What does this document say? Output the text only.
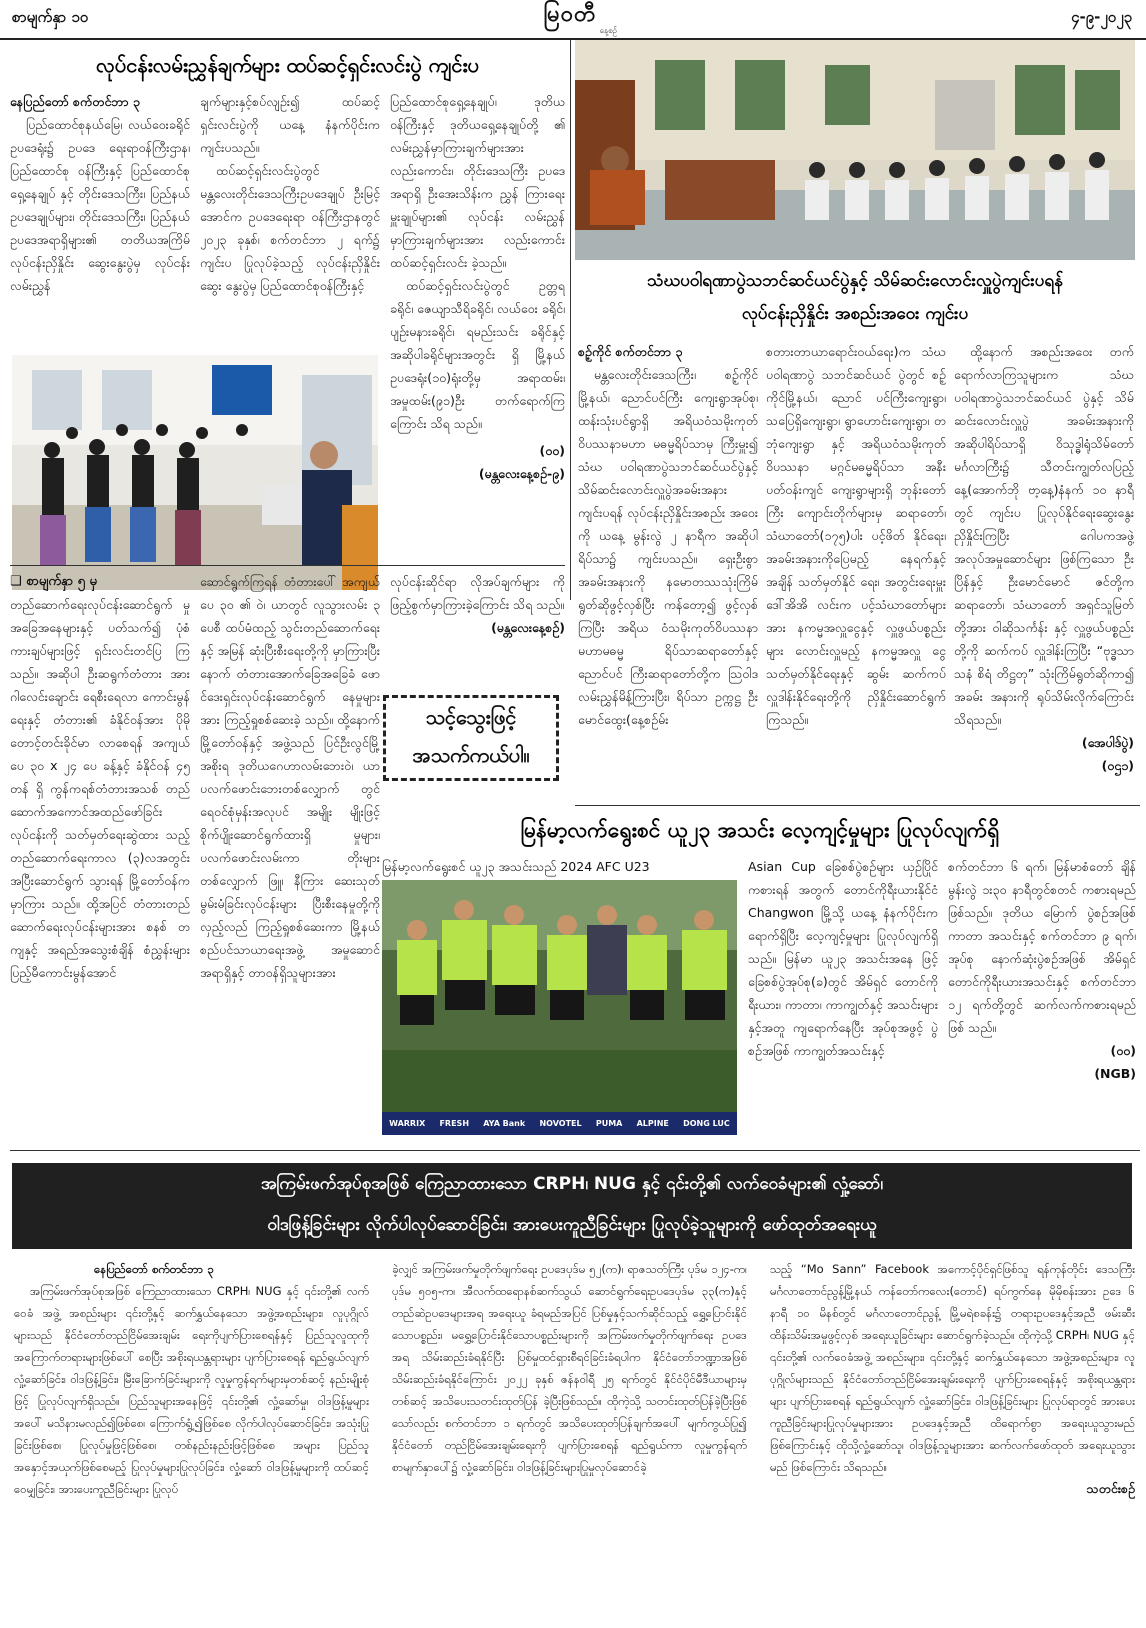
စာမျက်နှာ ၁၀	မြဝတီ
နေ့စဉ်
၄-၉-၂၀၂၃
လုပ်ငန်းလမ်းညွှန်ချက်များ ထပ်ဆင့်ရှင်းလင်းပွဲ ကျင်းပ

နေပြည်တော် စက်တင်ဘာ ၃

ပြည်ထောင်စုနယ်မြေ၊ လယ်ဝေးခရိုင် ဥပဒေရုံး၌ ဥပဒေ ရေးရာဝန်ကြီးဌာန၊ ပြည်ထောင်စု ဝန်ကြီးနှင့် ပြည်ထောင်စုရှေ့နေချုပ် နှင့် တိုင်းဒေသကြီး၊ ပြည်နယ် ဥပဒေချုပ်များ၊ တိုင်းဒေသကြီး၊ ပြည်နယ်ဥပဒေအရာရှိများ၏ တတိယအကြိမ် လုပ်ငန်းညှိနှိုင်း ဆွေးနွေးပွဲမှ လုပ်ငန်းလမ်းညွှန်

ချက်များနှင့်စပ်လျဉ်း၍ ထပ်ဆင့် ရှင်းလင်းပွဲကို ယနေ့ နံနက်ပိုင်းက ကျင်းပသည်။

ထပ်ဆင့်ရှင်းလင်းပွဲတွင် မန္တလေးတိုင်းဒေသကြီးဥပဒေချုပ် ဦးမြင့်အောင်က ဥပဒေရေးရာ ဝန်ကြီးဌာနတွင် ၂၀၂၃ ခုနှစ်၊ စက်တင်ဘာ ၂ ရက်၌ ကျင်းပ ပြုလုပ်ခဲ့သည့် လုပ်ငန်းညှိနှိုင်းဆွေး နွေးပွဲမှ ပြည်ထောင်စုဝန်ကြီးနှင့်

ပြည်ထောင်စုရှေ့နေချုပ်၊ ဒုတိယ ဝန်ကြီးနှင့် ဒုတိယရှေ့နေချုပ်တို့ ၏ လမ်းညွှန်မှာကြားချက်များအား လည်းကောင်း၊ တိုင်းဒေသကြီး ဥပဒေအရာရှိ ဦးအေးသိန်းက ညွှန် ကြားရေးမှူးချုပ်များ၏ လုပ်ငန်း လမ်းညွှန်မှာကြားချက်များအား လည်းကောင်း ထပ်ဆင့်ရှင်းလင်း ခဲ့သည်။

ထပ်ဆင့်ရှင်းလင်းပွဲတွင် ဥတ္တရ ခရိုင်၊ ဇေယျာသီရိခရိုင်၊ လယ်ဝေး ခရိုင်၊ ပျဉ်းမနားခရိုင်၊ ရမည်းသင်း ခရိုင်နှင့် အဆိုပါခရိုင်များအတွင်း ရှိ မြို့နယ်ဥပဒေရုံး(၁၀)ရုံးတို့မှ အရာထမ်း၊ အမှုထမ်း(၉၁)ဦး တက်ရောက်ကြကြောင်း သိရ သည်။

(ဝဝ)
(မန္တလေးနေ့စဉ်-၉)

❑ စာမျက်နှာ ၅ မှ

တည်ဆောက်ရေးလုပ်ငန်းဆောင်ရွက် မှု အခြေအနေများနှင့် ပတ်သက်၍ ပုံစံကားချပ်များဖြင့် ရှင်းလင်းတင်ပြ ကြသည်။ အဆိုပါ ဦးဆရွက်တံတား အား ဂါလေင်းချောင်း ရေစီးရေလာ ကောင်းမွန်ရေးနှင့် တံတား၏ ခံနိုင်ဝန်အား ပိုမိုတောင့်တင်းခိုင်မာ လာစေရန် အကျယ် ပေ ၃၀ x ၂၄ ပေ ခန့်နှင့် ခံနိုင်ဝန် ၄၅ တန် ရှိ ကွန်ကရစ်တံတားအသစ် တည် ဆောက်အကောင်အထည်ဖော်ခြင်း လုပ်ငန်းကို သတ်မှတ်ရေးဆွဲထား သည့် တည်ဆောက်ရေးကာလ (၃)လအတွင်း အပြီးဆောင်ရွက် သွားရန် မြို့တော်ဝန်က မှာကြား သည်။ ထို့အပြင် တံတားတည် ဆောက်ရေးလုပ်ငန်းများအား စနစ် တကျနှင့် အရည်အသွေးစံချိန် စံညွှန်းများ ပြည့်မီကောင်းမွန်အောင်

ဆောင်ရွက်ကြရန် တံတားပေါ် အကျယ် ပေ ၃၀ ၏ ဝဲ၊ ယာတွင် လူသွားလမ်း ၃ ပေစီ ထပ်မံထည့် သွင်းတည်ဆောက်ရေးနှင့် အမြန် ဆုံးပြီးစီးရေးတို့ကို မှာကြားပြီး နောက် တံတားအောက်ခြေအခြေခံ ဖောင်ဒေးရှင်းလုပ်ငန်းဆောင်ရွက် နေမှုများအား ကြည့်ရှုစစ်ဆေးခဲ့ သည်။ ထို့နောက် မြို့တော်ဝန်နှင့် အဖွဲ့သည် ပြင်ဦးလွင်မြို့အစိုးရ ဒုတိယဂေဟာလမ်းဘေးဝဲ၊ ယာ ပလက်ဖောင်းဘေးတစ်လျှောက် တွင် ရေဝင်စုံမှန်းအလုပင် အမျိုး မျိုးဖြင့် စိုက်ပျိုးဆောင်ရွက်ထားရှိ မှုများ၊ ပလက်ဖောင်းလမ်းကာ တိုးများ တစ်လျှောက် ဖြူ၊ နီကြား ဆေးသုတ်မွမ်းမံခြင်းလုပ်ငန်းများ ပြီးစီးနေမှုတို့ကို လှည့်လည် ကြည့်ရှုစစ်ဆေးကာ မြို့နယ် စည်ပင်သာယာရေးအဖွဲ့ အမှုဆောင် အရာရှိနှင့် တာဝန်ရှိသူများအား

လုပ်ငန်းဆိုင်ရာ လိုအပ်ချက်များ ကို ဖြည့်စွက်မှာကြားခဲ့ကြောင်း သိရ သည်။

(မန္တလေးနေ့စဉ်)
သင့်သွေးဖြင့်
အသက်ကယ်ပါ။
သံဃပဝါရဏာပွဲသဘင်ဆင်ယင်ပွဲနှင့် သိမ်ဆင်းလောင်းလှူပွဲကျင်းပရန်
လုပ်ငန်းညှိနှိုင်း အစည်းအဝေး ကျင်းပ

စဉ့်ကိုင် စက်တင်ဘာ ၃

မန္တလေးတိုင်းဒေသကြီး၊ စဉ့်ကိုင်မြို့နယ်၊ ညောင်ပင်ကြီး ကျေးရွာအုပ်စု၊ ထန်းသုံးပင်ရွာရှိ အရိယဝံသမိုးကုတ်ဝိပဿနာမဟာ မဓမ္မရိပ်သာမှ ကြီးမှူး၍ သံဃ ပဝါရဏာပွဲသဘင်ဆင်ယင်ပွဲနှင့် သိမ်ဆင်းလောင်းလှူပွဲအခမ်းအနား ကျင်းပရန် လုပ်ငန်းညှိနှိုင်းအစည်း အဝေးကို ယနေ့ မွန်းလွဲ ၂ နာရီက အဆိုပါ ရိပ်သာ၌ ကျင်းပသည်။ ရှေးဦးစွာ အခမ်းအနားကို နမောတဿသုံးကြိမ်ရွတ်ဆိုဖွင့်လှစ်ပြီး ကန်တော့၍ ဖွင့်လှစ်ကြပြီး အရိယ ဝံသမိုးကုတ်ဝိပဿနာ မဟာမဓမ္မ ရိပ်သာဆရာတော်နှင့် ညောင်ပင် ကြီးဆရာတော်တို့က ဩဝါဒ လမ်းညွှန်မိန့်ကြားပြီး၊ ရိပ်သာ ဥက္ကဋ္ဌ ဦးမောင်ထွေး(နေ့စဉ်မ်း

စတားတာယာရောင်းဝယ်ရေး)က သံဃပဝါရဏာပွဲ သဘင်ဆင်ယင် ပွဲတွင် စဉ့်ကိုင်မြို့နယ်၊ ညောင် ပင်ကြီးကျေးရွာ၊ သပြေရှိကျေးရွာ၊ ရွာဟောင်းကျေးရွာ၊ တဘုံကျေးရွာ နှင့် အရိယဝံသမိုးကုတ်ဝိပဿနာ မဂ္ဂင်မဓမ္မရိပ်သာ အနီးပတ်ဝန်းကျင် ကျေးရွာများရှိ ဘုန်းတော်ကြီး ကျောင်းတိုက်များမှ ဆရာတော်၊ သံဃာတော်(၁၇၅)ပါး ပင့်ဖိတ် နိုင်ရေး၊ အခမ်းအနားကိုပြေမည့် နေရက်နှင့် အချိန် သတ်မှတ်နိုင် ရေး၊ အတွင်းရေးမှူး ဒေါ်အိအိ လင်းက ပင့်သံဃာတော်များအား နကမ္မအလှူငွေနှင့် လှူဖွယ်ပစ္စည်း များ လောင်းလှူမည့် နကမ္မအလှူ ငွေ သတ်မှတ်နိုင်ရေးနှင့် ဆွမ်း ဆက်ကပ်လှူဒါန်းနိုင်ရေးတို့ကို ညှိနှိုင်းဆောင်ရွက်ကြသည်။

ထို့နောက် အစည်းအဝေး တက်ရောက်လာကြသူများက သံဃပဝါရဏာပွဲသဘင်ဆင်ယင် ပွဲနှင့် သိမ်ဆင်းလောင်းလှူပွဲ အခမ်းအနားကို အဆိုပါရိပ်သာရှိ ဝိသုဒ္ဓါရုံသိမ်တော်မင်္ဂလာကြီး၌ သီတင်းကျွတ်လပြည့်နေ့(အောက်ဘို ဗာ့နေ့)နံနက် ၁၀ နာရီတွင် ကျင်းပ ပြုလုပ်နိုင်ရေးဆွေးနွေးညှိနှိုင်းကြပြီး ဂေါပကအဖွဲ့အလုပ်အမှုဆောင်များ ဖြစ်ကြသော ဦးပြိန်နှင့် ဦးမောင်မောင် ဇင်တို့က ဆရာတော်၊ သံဃာတော် အရှင်သူမြတ်တို့အား ဝါဆိုသင်္ကန်း နှင့် လှူဖွယ်ပစ္စည်းတို့ကို ဆက်ကပ် လှူဒါန်းကြပြီး “ဗုဒ္ဓသာသနံ စိရံ တိဋ္ဌတု” သုံးကြိမ်ရွတ်ဆိုကာ၍ အခမ်း အနားကို ရုပ်သိမ်းလိုက်ကြောင်း သိရသည်။

(အေပါဒ်ပွဲ)
(ဝဌ၁)
မြန်မာ့လက်ရွေးစင် ယူ၂၃ အသင်း လေ့ကျင့်မှုများ ပြုလုပ်လျက်ရှိ

မြန်မာ့လက်ရွေးစင် ယူ၂၃ အသင်းသည် 2024 AFC U23

WARRIX FRESH AYA Bank NOVOTEL PUMA ALPINE DONG LUC

Asian Cup ခြေစစ်ပွဲစဉ်များ ယှဉ်ပြိုင် ကစားရန် အတွက် တောင်ကိုရီးယားနိုင်ငံ Changwon မြို့သို့ ယနေ့ နံနက်ပိုင်းက ရောက်ရှိပြီး လေ့ကျင့်မှုများ ပြုလုပ်လျက်ရှိသည်။ မြန်မာ ယူ၂၃ အသင်းအနေ ဖြင့် ခြေစစ်ပွဲအုပ်စု(ခ)တွင် အိမ်ရှင် တောင်ကိုရီးယား၊ ကာတာ၊ ကာကျွတ်နှင့် အသင်းများနှင့်အတူ ကျရောက်နေပြီး အုပ်စုအဖွင့် ပွဲစဉ်အဖြစ် ကာကျွတ်အသင်းနှင့်

စက်တင်ဘာ ၆ ရက်၊ မြန်မာစံတော် ချိန် မွန်းလွဲ ၁း၃၀ နာရီတွင်စတင် ကစားရမည် ဖြစ်သည်။ ဒုတိယ မြောက် ပွဲစဉ်အဖြစ် ကာတာ အသင်းနှင့် စက်တင်ဘာ ၉ ရက်၊ အုပ်စု နောက်ဆုံးပွဲစဉ်အဖြစ် အိမ်ရှင် တောင်ကိုရီးယားအသင်းနှင့် စက်တင်ဘာ ၁၂ ရက်တို့တွင် ဆက်လက်ကစားရမည် ဖြစ် သည်။

(ဝဝ)
(NGB)
အကြမ်းဖက်အုပ်စုအဖြစ် ကြေညာထားသော CRPH၊ NUG နှင့် ၎င်းတို့၏ လက်ဝေခံများ၏ လှုံ့ဆော်၊
ဝါဒဖြန့်ခြင်းများ လိုက်ပါလုပ်ဆောင်ခြင်း၊ အားပေးကူညီခြင်းများ ပြုလုပ်ခဲ့သူများကို ဖော်ထုတ်အရေးယူ

နေပြည်တော် စက်တင်ဘာ ၃

အကြမ်းဖက်အုပ်စုအဖြစ် ကြေညာထားသော CRPH၊ NUG နှင့် ၎င်းတို့၏ လက်ဝေခံ အဖွဲ့ အစည်းများ ၎င်းတို့နှင့် ဆက်နွှယ်နေသော အဖွဲ့အစည်းများ၊ လူပုဂ္ဂိုလ်များသည် နိုင်ငံတော်တည်ငြိမ်အေးချမ်း ရေးကိုပျက်ပြားစေရန်နှင့် ပြည်သူလူထုကို အကြောက်တရားများဖြစ်ပေါ် စေပြီး အစိုးရယန္တရားများ ပျက်ပြားစေရန် ရည်ရွယ်လျက် လှုံ့ဆော်ခြင်း၊ ဝါဒဖြန့်ခြင်း၊ မြီးခြောက်ခြင်းများကို လူမှုကွန်ရက်များမှတစ်ဆင့် နည်းမျိုးစုံဖြင့် ပြုလုပ်လျက်ရှိသည်။ ပြည်သူများအနေဖြင့် ၎င်းတို့၏ လှုံ့ဆော်မှု၊ ဝါဒဖြန့်မှုများအပေါ် မသိနားမလည်၍ဖြစ်စေ၊ ကြောက်ရွံ့၍ဖြစ်စေ လိုက်ပါလုပ်ဆောင်ခြင်း၊ အသုံးပြုခြင်းဖြစ်စေ၊ ပြုလုပ်မှုဖြင့်ဖြစ်စေ၊ တစ်နည်းနည်းဖြင့်ဖြစ်စေ အများ ပြည်သူ အနှောင့်အယှက်ဖြစ်စေမည့် ပြုလုပ်မှုများပြုလုပ်ခြင်း၊ လှုံ့ဆော် ဝါဒဖြန့်မှုများကို ထပ်ဆင့်ဝေမျှခြင်း၊ အားပေးကူညီခြင်းများ ပြုလုပ်

ခဲ့လျှင် အကြမ်းဖက်မှုတိုက်ဖျက်ရေး ဥပဒေပုဒ်မ ၅၂(က)၊ ရာဇသတ်ကြီး ပုဒ်မ ၁၂၄-က၊ ပုဒ်မ ၅၀၅-က၊ အီလက်ထရောနစ်ဆက်သွယ် ဆောင်ရွက်ရေးဥပဒေပုဒ်မ ၃၃(က)နှင့် တည်ဆဲဥပဒေများအရ အရေးယူ ခံရမည်အပြင် ပြစ်မှုနှင့်သက်ဆိုင်သည့် ရွှေ့ပြောင်းနိုင်သောပစ္စည်း၊ မရွှေ့ပြောင်းနိုင်သောပစ္စည်းများကို အကြမ်းဖက်မှုတိုက်ဖျက်ရေး ဥပဒေအရ သိမ်းဆည်းခံရနိုင်ပြီး ပြစ်မှုထင်ရှားစီရင်ခြင်းခံရပါက နိုင်ငံတော်ဘဏ္ဍာအဖြစ် သိမ်းဆည်းခံရနိုင်ကြောင်း ၂၀၂၂ ခုနှစ် ဇန်နဝါရီ ၂၅ ရက်တွင် နိုင်ငံပိုင်မီဒီယာများမှတစ်ဆင့် အသိပေးသတင်းထုတ်ပြန် ခဲ့ပြီးဖြစ်သည်။ ထိုကဲ့သို့ သတင်းထုတ်ပြန်ခဲ့ပြီးဖြစ်သော်လည်း စက်တင်ဘာ ၁ ရက်တွင် အသိပေးထုတ်ပြန်ချက်အပေါ် မျက်ကွယ်ပြု၍ နိုင်ငံတော် တည်ငြိမ်အေးချမ်းရေးကို ပျက်ပြားစေရန် ရည်ရွယ်ကာ လူမှုကွန်ရက် စာမျက်နှာပေါ်၌ လှုံ့ဆော်ခြင်း၊ ဝါဒဖြန့်ခြင်းများပြုမှုလုပ်ဆောင်ခဲ့

သည့် “Mo Sann” Facebook အကောင့်ပိုင်ရှင်ဖြစ်သူ ရန်ကုန်တိုင်း ဒေသကြီး မင်္ဂလာတောင်ညွန့်မြို့နယ် ကန်တော်ကလေး(တောင်) ရပ်ကွက်နေ မိုမိုစန်းအား ဥဒေ ၆ နာရီ ၁၀ မိနစ်တွင် မင်္ဂလာတောင်ညွန့် မြို့မရဲစခန်း၌ တရားဥပဒေနှင့်အညီ ဖမ်းဆီးထိန်းသိမ်းအမှုဖွင့်လှစ် အရေးယူခြင်းများ ဆောင်ရွက်ခဲ့သည်။ ထိုကဲ့သို့ CRPH၊ NUG နှင့် ၎င်းတို့၏ လက်ဝေခံအဖွဲ့ အစည်းများ၊ ၎င်းတို့နှင့် ဆက်နွှယ်နေသော အဖွဲ့အစည်းများ၊ လူပုဂ္ဂိုလ်များသည် နိုင်ငံတော်တည်ငြိမ်အေးချမ်းရေးကို ပျက်ပြားစေရန်နှင့် အစိုးရယန္တရား များ ပျက်ပြားစေရန် ရည်ရွယ်လျက် လှုံ့ဆော်ခြင်း၊ ဝါဒဖြန့်ခြင်းများ ပြုလုပ်ရာတွင် အားပေးကူညီခြင်းများပြုလုပ်မှုများအား ဥပဒေနှင့်အညီ ထိရောက်စွာ အရေးယူသွားမည်ဖြစ်ကြောင်းနှင့် ထိုသို့လှုံ့ဆော်သူ၊ ဝါဒဖြန့်သူများအား ဆက်လက်ဖော်ထုတ် အရေးယူသွားမည် ဖြစ်ကြောင်း သိရသည်။

သတင်းစဉ်
